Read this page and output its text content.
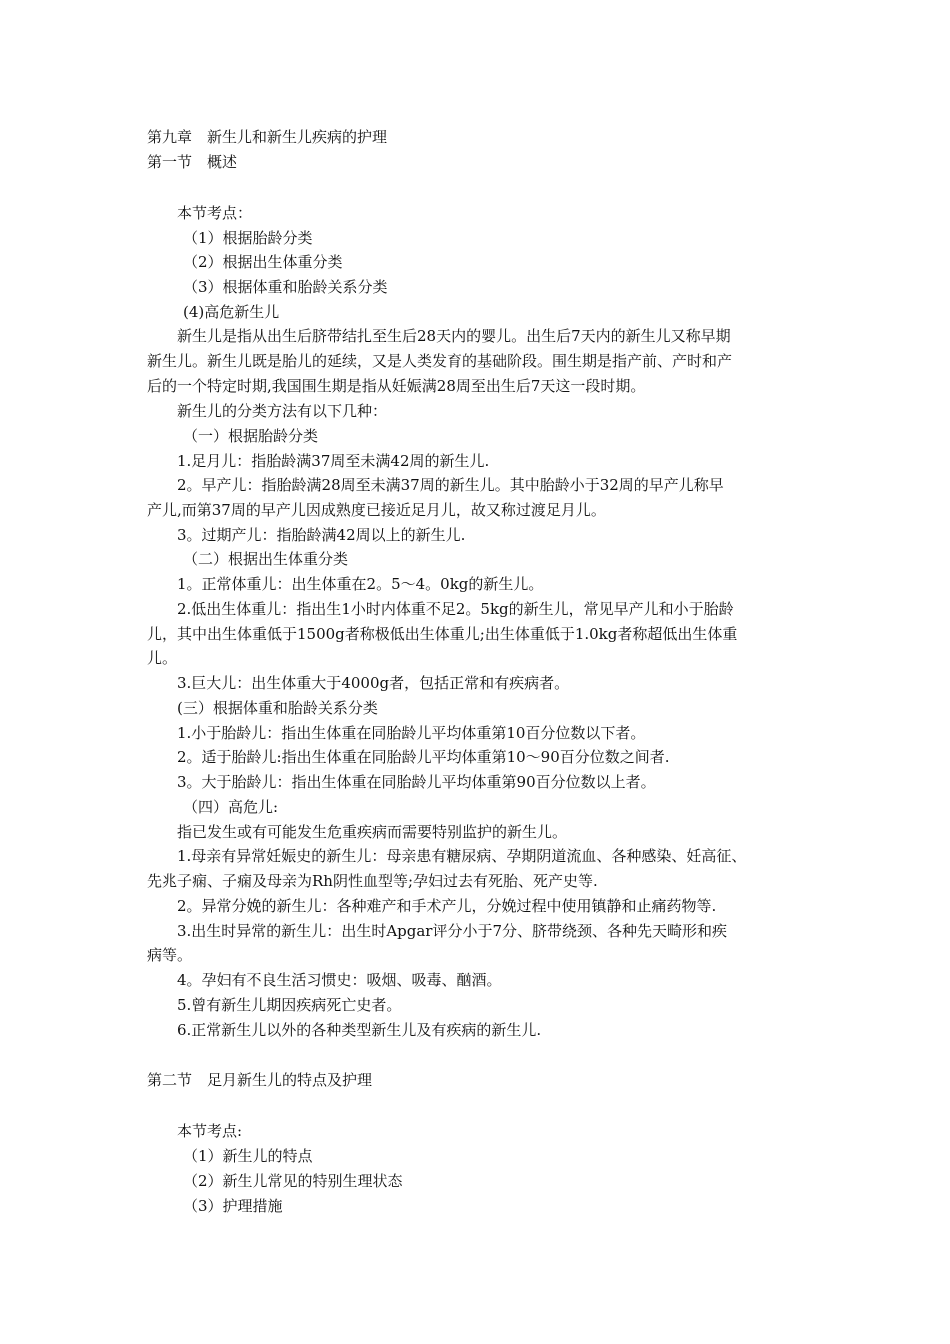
第九章　新生儿和新生儿疾病的护理
第一节　概述
本节考点：
（1）根据胎龄分类
（2）根据出生体重分类
（3）根据体重和胎龄关系分类
(4)高危新生儿
新生儿是指从出生后脐带结扎至生后28天内的婴儿。出生后7天内的新生儿又称早期
新生儿。新生儿既是胎儿的延续，又是人类发育的基础阶段。围生期是指产前、产时和产
后的一个特定时期,我国围生期是指从妊娠满28周至出生后7天这一段时期。
新生儿的分类方法有以下几种：
（一）根据胎龄分类
1.足月儿：指胎龄满37周至未满42周的新生儿.
2。早产儿：指胎龄满28周至未满37周的新生儿。其中胎龄小于32周的早产儿称早
产儿,而第37周的早产儿因成熟度已接近足月儿，故又称过渡足月儿。
3。过期产儿：指胎龄满42周以上的新生儿.
（二）根据出生体重分类
1。正常体重儿：出生体重在2。5～4。0kg的新生儿。
2.低出生体重儿：指出生1小时内体重不足2。5kg的新生儿，常见早产儿和小于胎龄
儿，其中出生体重低于1500g者称极低出生体重儿;出生体重低于1.0kg者称超低出生体重
儿。
3.巨大儿：出生体重大于4000g者，包括正常和有疾病者。
(三）根据体重和胎龄关系分类
1.小于胎龄儿：指出生体重在同胎龄儿平均体重第10百分位数以下者。
2。适于胎龄儿:指出生体重在同胎龄儿平均体重第10～90百分位数之间者.
3。大于胎龄儿：指出生体重在同胎龄儿平均体重第90百分位数以上者。
（四）高危儿:
指已发生或有可能发生危重疾病而需要特别监护的新生儿。
1.母亲有异常妊娠史的新生儿：母亲患有糖尿病、孕期阴道流血、各种感染、妊高征、
先兆子痫、子痫及母亲为Rh阴性血型等;孕妇过去有死胎、死产史等.
2。异常分娩的新生儿：各种难产和手术产儿，分娩过程中使用镇静和止痛药物等.
3.出生时异常的新生儿：出生时Apgar评分小于7分、脐带绕颈、各种先天畸形和疾
病等。
4。孕妇有不良生活习惯史：吸烟、吸毒、酗酒。
5.曾有新生儿期因疾病死亡史者。
6.正常新生儿以外的各种类型新生儿及有疾病的新生儿.
第二节　足月新生儿的特点及护理
本节考点:
（1）新生儿的特点
（2）新生儿常见的特别生理状态
（3）护理措施
